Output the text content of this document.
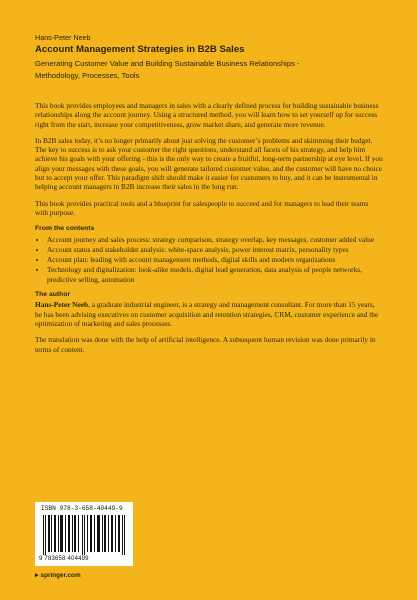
Hans-Peter Neeb
Account Management Strategies in B2B Sales
Generating Customer Value and Building Sustainable Business Relationships - Methodology, Processes, Tools

This book provides employees and managers in sales with a clearly defined process for building sustainable business relationships along the account journey. Using a structured method, you will learn how to set yourself up for success right from the start, increase your competitiveness, grow market share, and generate more revenue.

In B2B sales today, it’s no longer primarily about just solving the customer’s problems and skimming their budget. The key to success is to ask your customer the right questions, understand all facets of his strategy, and help him achieve his goals with your offering - this is the only way to create a fruitful, long-term partnership at eye level. If you align your messages with these goals, you will generate tailored customer value, and the customer will have no choice but to accept your offer. This paradigm shift should make it easier for customers to buy, and it can be instrumental in helping account managers in B2B increase their sales in the long run.

This book provides practical tools and a blueprint for salespeople to succeed and for managers to lead their teams with purpose.

From the contents
• Account journey and sales process: strategy comparison, strategy overlap, key messages, customer added value
• Account status and stakeholder analysis: white-space analysis, power interest matrix, personality types
• Account plan: leading with account management methods, digital skills and modern organizations
• Technology and digitalization: look-alike models, digital lead generation, data analysis of people networks, predictive selling, automation
The author

Hans-Peter Neeb, a graduate industrial engineer, is a strategy and management consultant. For more than 15 years, he has been advising executives on customer acquisition and retention strategies, CRM, customer experience and the optimization of marketing and sales processes.

The translation was done with the help of artificial intelligence. A subsequent human revision was done primarily in terms of content.

ISBN 978-3-658-40449-9
9 783658 404499
▸ springer.com
